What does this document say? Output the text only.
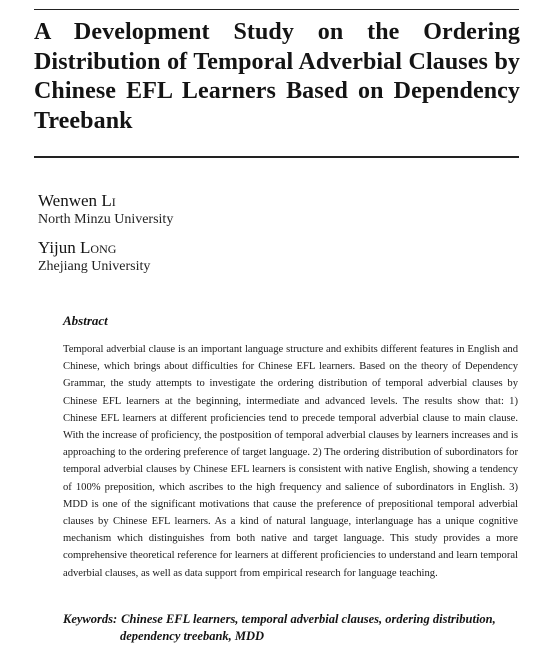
A Development Study on the Ordering Distribution of Temporal Adverbial Clauses by Chinese EFL Learners Based on Dependency Treebank
Wenwen Li
North Minzu University
Yijun Long
Zhejiang University
Abstract

Temporal adverbial clause is an important language structure and exhibits different features in English and Chinese, which brings about difficulties for Chinese EFL learners. Based on the theory of Dependency Grammar, the study attempts to investigate the ordering distribution of temporal adverbial clauses by Chinese EFL learners at the beginning, intermediate and advanced levels. The results show that: 1) Chinese EFL learners at different proficiencies tend to precede temporal adverbial clause to main clause. With the increase of proficiency, the postposition of temporal adverbial clauses by learners increases and is approaching to the ordering preference of target language. 2) The ordering distribution of subordinators for temporal adverbial clauses by Chinese EFL learners is consistent with native English, showing a tendency of 100% preposition, which ascribes to the high frequency and salience of subordinators in English. 3) MDD is one of the significant motivations that cause the preference of prepositional temporal adverbial clauses by Chinese EFL learners. As a kind of natural language, interlanguage has a unique cognitive mechanism which distinguishes from both native and target language. This study provides a more comprehensive theoretical reference for learners at different proficiencies to understand and learn temporal adverbial clauses, as well as data support from empirical research for language teaching.

Keywords: Chinese EFL learners, temporal adverbial clauses, ordering distribution,
dependency treebank, MDD
